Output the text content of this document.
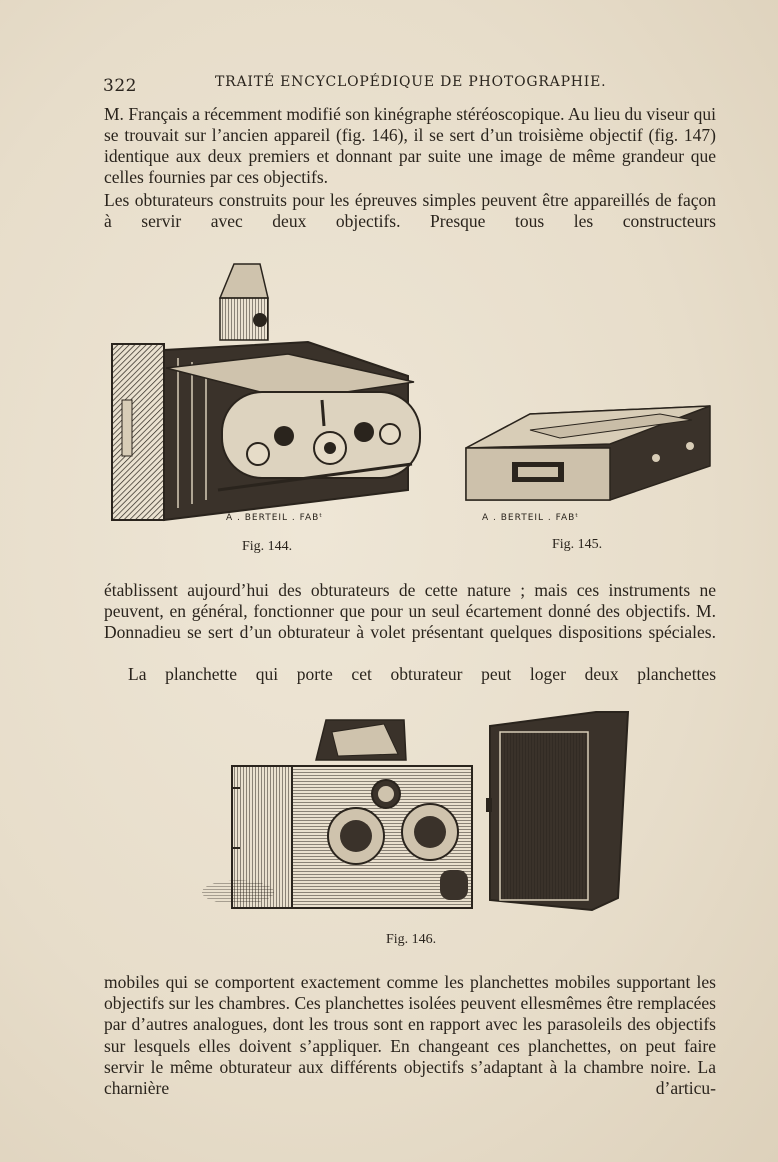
322	TRAITÉ ENCYCLOPÉDIQUE DE PHOTOGRAPHIE.
M. Français a récemment modifié son kinégraphe stéréoscopique. Au lieu du viseur qui se trouvait sur l’ancien appareil (fig. 146), il se sert d’un troisième objectif (fig. 147) identique aux deux premiers et donnant par suite une image de même grandeur que celles fournies par ces objectifs.
Les obturateurs construits pour les épreuves simples peuvent être appareillés de façon à servir avec deux objectifs. Presque tous les constructeurs
A . BERTEIL . FABᵗ
Fig. 144.
A . BERTEIL . FABᵗ
Fig. 145.
établissent aujourd’hui des obturateurs de cette nature ; mais ces instruments ne peuvent, en général, fonctionner que pour un seul écartement donné des objectifs. M. Donnadieu se sert d’un obturateur à volet présentant quelques dispositions spéciales.
La planchette qui porte cet obturateur peut loger deux planchettes
Fig. 146.
mobiles qui se comportent exactement comme les planchettes mobiles supportant les objectifs sur les chambres. Ces planchettes isolées peuvent ellesmêmes être remplacées par d’autres analogues, dont les trous sont en rapport avec les parasoleils des objectifs sur lesquels elles doivent s’appliquer. En changeant ces planchettes, on peut faire servir le même obturateur aux différents objectifs s’adaptant à la chambre noire. La charnière d’articu-
